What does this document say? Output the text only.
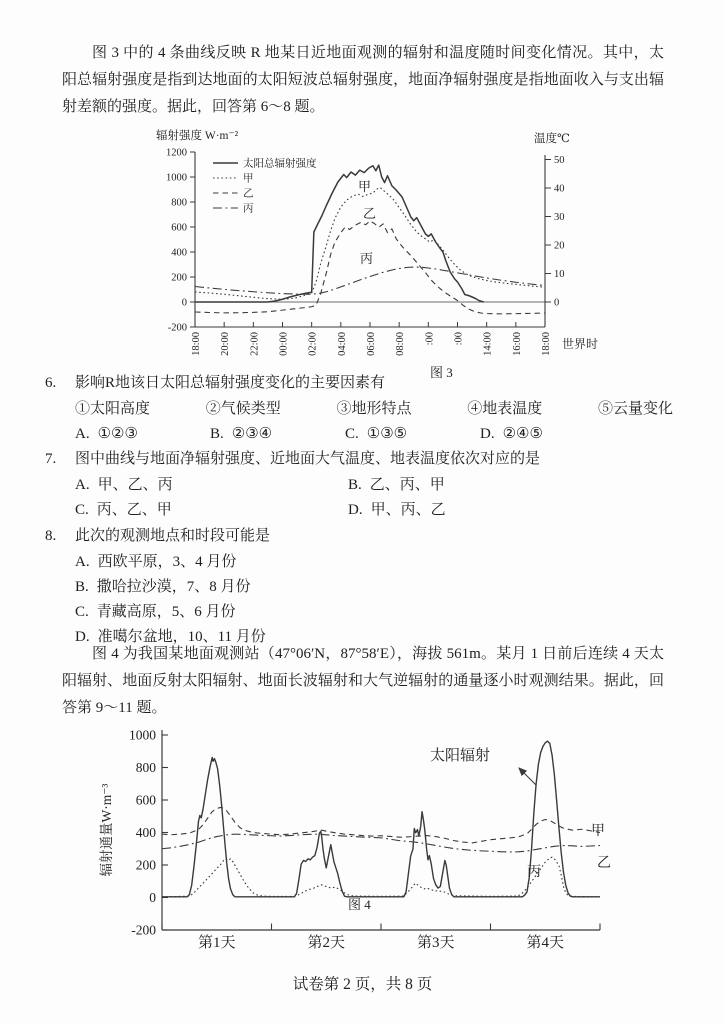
图 3 中的 4 条曲线反映 R 地某日近地面观测的辐射和温度随时间变化情况。其中，太阳总辐射强度是指到达地面的太阳短波总辐射强度，地面净辐射强度是指地面收入与支出辐射差额的强度。据此，回答第 6～8 题。
-200
0
200
400
600
800
1000
1200
0
10
20
30
40
50
18:00 20:00 22:00 00:00 02:00 04:00 06:00 08:00 :00 :00 14:00 16:00 18:00
辐射强度 W·m⁻²	温度℃
世界时
太阳总辐射强度
甲
乙
丙
甲
乙
丙
图 3
6.	影响R地该日太阳总辐射强度变化的主要因素有
①太阳高度	②气候类型	③地形特点	④地表温度	⑤云量变化
A. ①②③	B. ②③④	C. ①③⑤	D. ②④⑤
7.	图中曲线与地面净辐射强度、近地面大气温度、地表温度依次对应的是
A. 甲、乙、丙	B. 乙、丙、甲
C. 丙、乙、甲	D. 甲、丙、乙
8.	此次的观测地点和时段可能是
A. 西欧平原，3、4 月份
B. 撒哈拉沙漠，7、8 月份
C. 青藏高原，5、6 月份
D. 准噶尔盆地，10、11 月份
图 4 为我国某地面观测站（47°06′N，87°58′E），海拔 561m。某月 1 日前后连续 4 天太阳辐射、地面反射太阳辐射、地面长波辐射和大气逆辐射的通量逐小时观测结果。据此，回答第 9～11 题。
-200
0
200
400
600
800
1000
第1天	第2天	第3天	第4天
辐射通量W·m⁻³
太阳辐射
甲
乙
丙
图 4
试卷第 2 页，共 8 页
